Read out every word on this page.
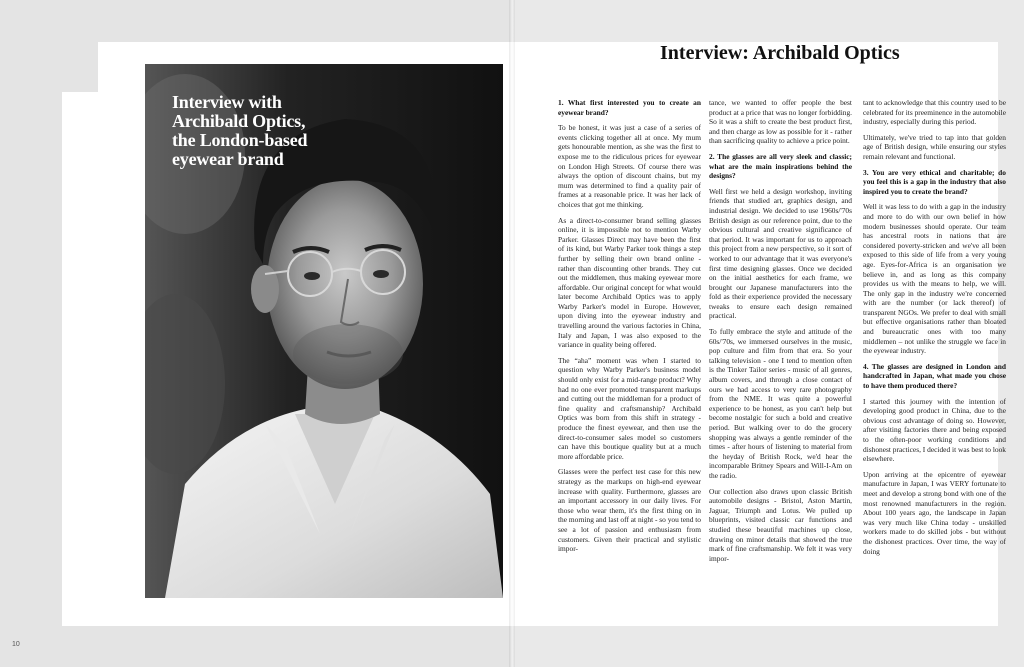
Interview with Archibald Optics, the London-based eyewear brand
Interview: Archibald Optics

1. What first interested you to create an eyewear brand?

To be honest, it was just a case of a series of events clicking together all at once. My mum gets honourable mention, as she was the first to expose me to the ridiculous prices for eyewear on London High Streets. Of course there was always the option of discount chains, but my mum was determined to find a quality pair of frames at a reasonable price. It was her lack of choices that got me thinking.

As a direct-to-consumer brand selling glasses online, it is impossible not to mention Warby Parker. Glasses Direct may have been the first of its kind, but Warby Parker took things a step further by selling their own brand online - rather than discounting other brands. They cut out the middlemen, thus making eyewear more affordable. Our original concept for what would later become Archibald Optics was to apply Warby Parker's model in Europe. However, upon diving into the eyewear industry and travelling around the various factories in China, Italy and Japan, I was also exposed to the variance in quality being offered.

The “aha” moment was when I started to question why Warby Parker's business model should only exist for a mid-range product? Why had no one ever promoted transparent markups and cutting out the middleman for a product of fine quality and craftsmanship? Archibald Optics was born from this shift in strategy - produce the finest eyewear, and then use the direct-to-consumer sales model so customers can have this boutique quality but at a much more affordable price.

Glasses were the perfect test case for this new strategy as the markups on high-end eyewear increase with quality. Furthermore, glasses are an important accessory in our daily lives. For those who wear them, it's the first thing on in the morning and last off at night - so you tend to see a lot of passion and enthusiasm from customers. Given their practical and stylistic impor-

tance, we wanted to offer people the best product at a price that was no longer forbidding. So it was a shift to create the best product first, and then charge as low as possible for it - rather than sacrificing quality to achieve a price point.

2. The glasses are all very sleek and classic; what are the main inspirations behind the designs?

Well first we held a design workshop, inviting friends that studied art, graphics design, and industrial design. We decided to use 1960s/'70s British design as our reference point, due to the obvious cultural and creative significance of that period. It was important for us to approach this project from a new perspective, so it sort of worked to our advantage that it was everyone's first time designing glasses. Once we decided on the initial aesthetics for each frame, we brought our Japanese manufacturers into the fold as their experience provided the necessary tweaks to ensure each design remained practical.

To fully embrace the style and attitude of the 60s/'70s, we immersed ourselves in the music, pop culture and film from that era. So your talking television - one I tend to mention often is the Tinker Tailor series - music of all genres, album covers, and through a close contact of ours we had access to very rare photography from the NME. It was quite a powerful experience to be honest, as you can't help but become nostalgic for such a bold and creative period. But walking over to do the grocery shopping was always a gentle reminder of the times - after hours of listening to material from the heyday of British Rock, we'd hear the incomparable Britney Spears and Will-I-Am on the radio.

Our collection also draws upon classic British automobile designs - Bristol, Aston Martin, Jaguar, Triumph and Lotus. We pulled up blueprints, visited classic car functions and studied these beautiful machines up close, drawing on minor details that showed the true mark of fine craftsmanship. We felt it was very impor-

tant to acknowledge that this country used to be celebrated for its preeminence in the automobile industry, especially during this period.

Ultimately, we've tried to tap into that golden age of British design, while ensuring our styles remain relevant and functional.

3. You are very ethical and charitable; do you feel this is a gap in the industry that also inspired you to create the brand?

Well it was less to do with a gap in the industry and more to do with our own belief in how modern businesses should operate. Our team has ancestral roots in nations that are considered poverty-stricken and we've all been exposed to this side of life from a very young age. Eyes-for-Africa is an organisation we believe in, and as long as this company provides us with the means to help, we will. The only gap in the industry we're concerned with are the number (or lack thereof) of transparent NGOs. We prefer to deal with small but effective organisations rather than bloated and bureaucratic ones with too many middlemen – not unlike the struggle we face in the eyewear industry.

4. The glasses are designed in London and handcrafted in Japan, what made you chose to have them produced there?

I started this journey with the intention of developing good product in China, due to the obvious cost advantage of doing so. However, after visiting factories there and being exposed to the often-poor working conditions and dishonest practices, I decided it was best to look elsewhere.

Upon arriving at the epicentre of eyewear manufacture in Japan, I was VERY fortunate to meet and develop a strong bond with one of the most renowned manufacturers in the region. About 100 years ago, the landscape in Japan was very much like China today - unskilled workers made to do skilled jobs - but without the dishonest practices. Over time, the way of doing

10
